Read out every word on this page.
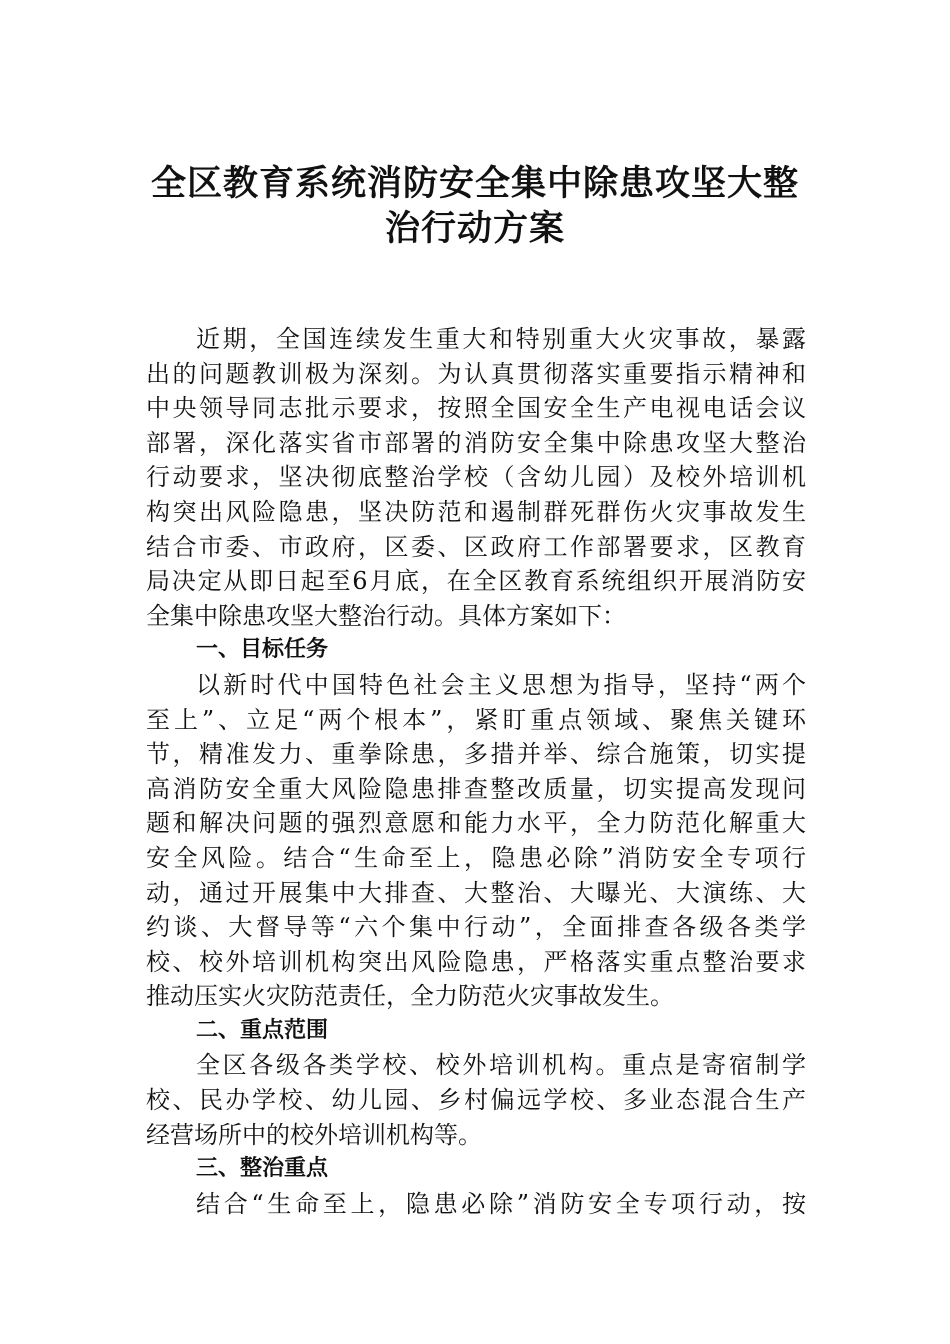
全区教育系统消防安全集中除患攻坚大整
治行动方案
近期，全国连续发生重大和特别重大火灾事故，暴露
出的问题教训极为深刻。为认真贯彻落实重要指示精神和
中央领导同志批示要求，按照全国安全生产电视电话会议
部署，深化落实省市部署的消防安全集中除患攻坚大整治
行动要求，坚决彻底整治学校（含幼儿园）及校外培训机
构突出风险隐患，坚决防范和遏制群死群伤火灾事故发生
结合市委、市政府，区委、区政府工作部署要求，区教育
局决定从即日起至6月底，在全区教育系统组织开展消防安
全集中除患攻坚大整治行动。具体方案如下：
一、目标任务
以新时代中国特色社会主义思想为指导，坚持“两个
至上”、立足“两个根本”，紧盯重点领域、聚焦关键环
节，精准发力、重拳除患，多措并举、综合施策，切实提
高消防安全重大风险隐患排查整改质量，切实提高发现问
题和解决问题的强烈意愿和能力水平，全力防范化解重大
安全风险。结合“生命至上，隐患必除”消防安全专项行
动，通过开展集中大排查、大整治、大曝光、大演练、大
约谈、大督导等“六个集中行动”，全面排查各级各类学
校、校外培训机构突出风险隐患，严格落实重点整治要求
推动压实火灾防范责任，全力防范火灾事故发生。
二、重点范围
全区各级各类学校、校外培训机构。重点是寄宿制学
校、民办学校、幼儿园、乡村偏远学校、多业态混合生产
经营场所中的校外培训机构等。
三、整治重点
结合“生命至上，隐患必除”消防安全专项行动，按
